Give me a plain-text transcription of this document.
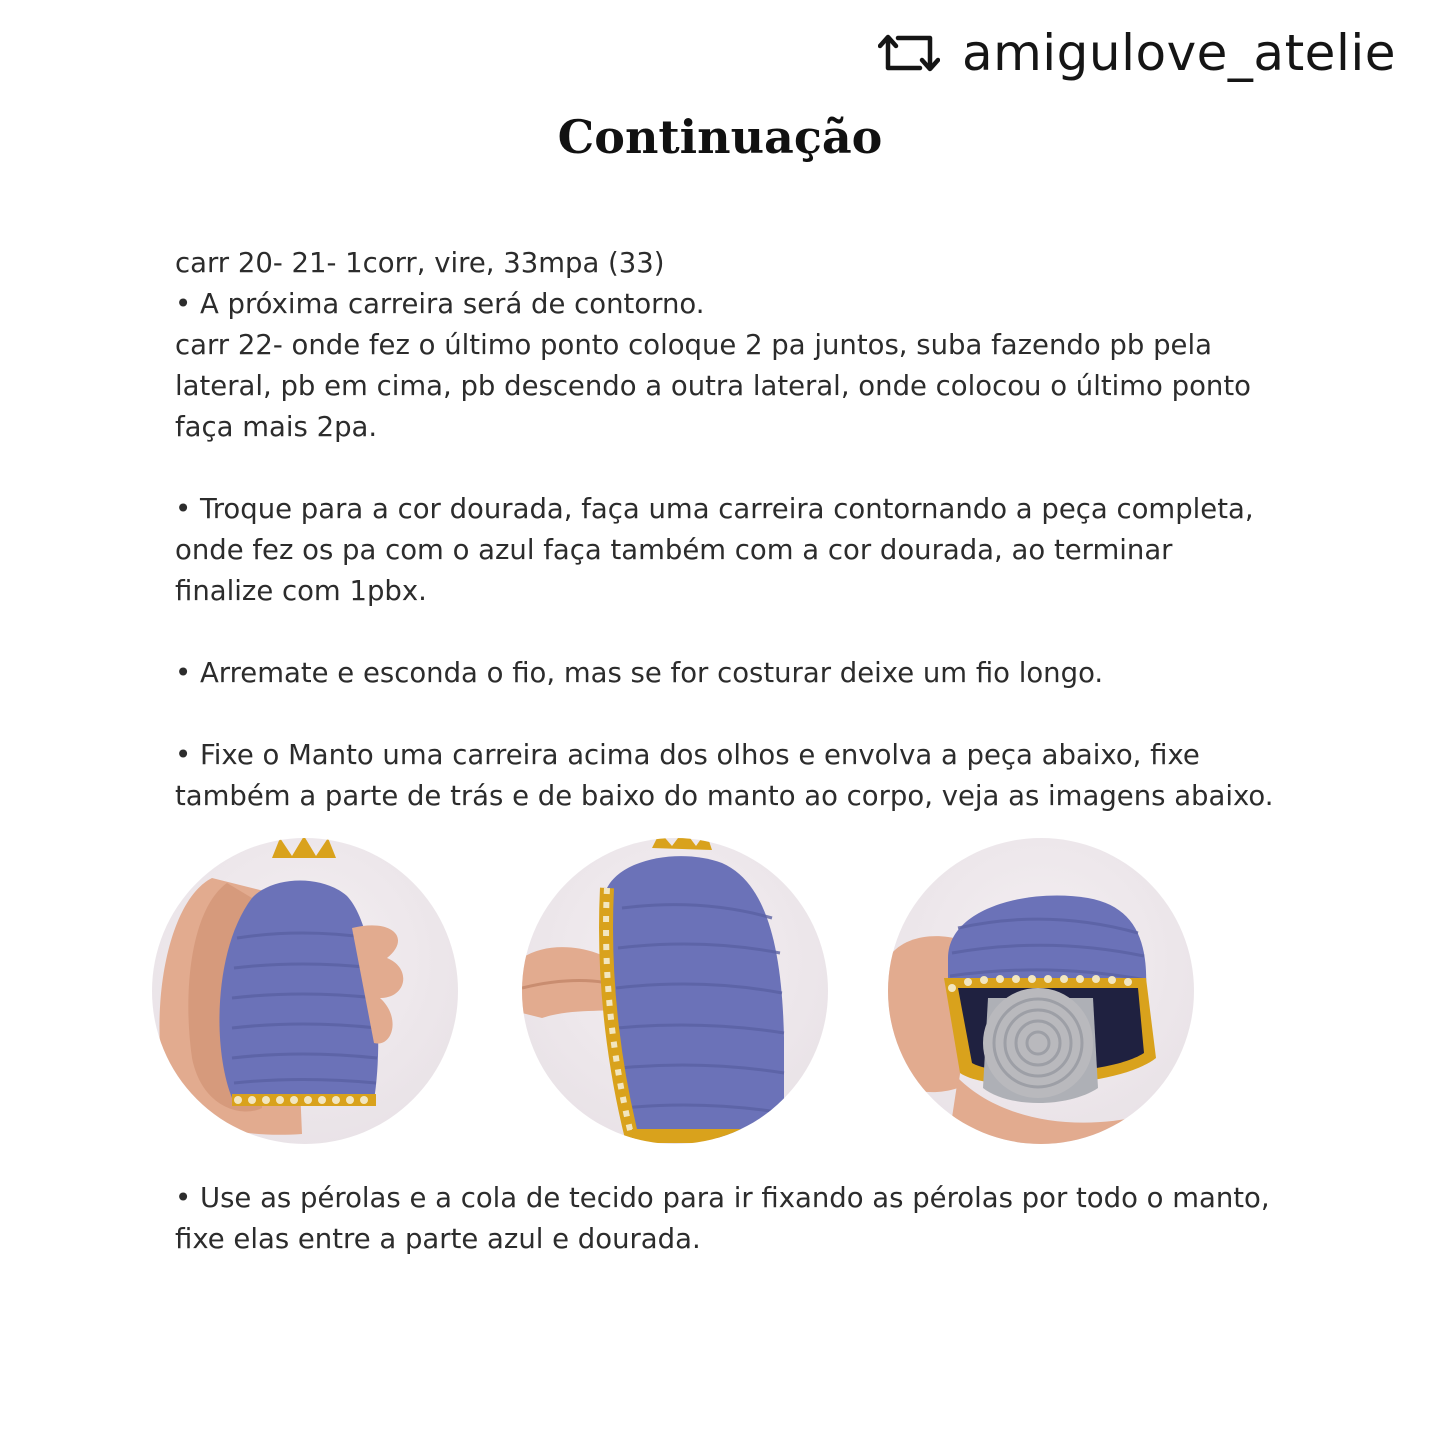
amigulove_atelie
Continuação

carr 20- 21- 1corr, vire, 33mpa (33)

• A próxima carreira será de contorno.

carr 22- onde fez o último ponto coloque 2 pa juntos, suba fazendo pb pela lateral, pb em cima, pb descendo a outra lateral, onde colocou o último ponto faça mais 2pa.

• Troque para a cor dourada, faça uma carreira contornando a peça completa, onde fez os pa com o azul faça também com a cor dourada, ao terminar finalize com 1pbx.

• Arremate e esconda o fio, mas se for costurar deixe um fio longo.

• Fixe o Manto uma carreira acima dos olhos e envolva a peça abaixo, fixe também a parte de trás e de baixo do manto ao corpo, veja as imagens abaixo.

• Use as pérolas e a cola de tecido para ir fixando as pérolas por todo o manto, fixe elas entre a parte azul e dourada.
